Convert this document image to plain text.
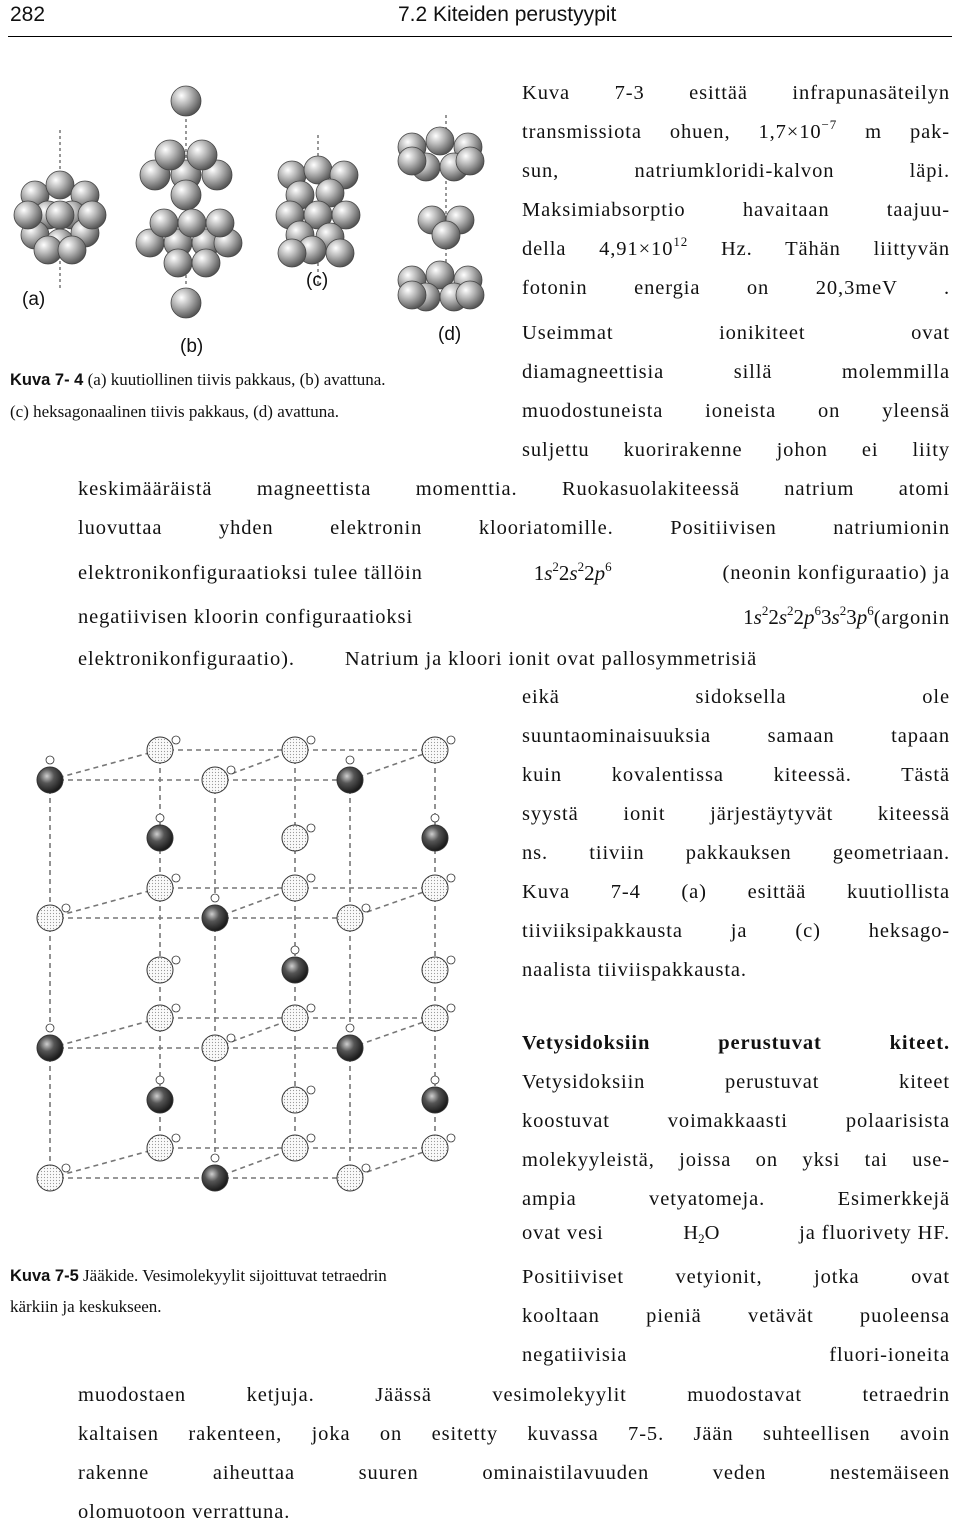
282	7.2 Kiteiden perustyypit
(a)
(b)
(c)
(d)
Kuva 7- 4 (a) kuutiollinen tiivis pakkaus, (b) avattuna.
(c) heksagonaalinen tiivis pakkaus, (d) avattuna.
Kuva 7-3 esittää infrapunasäteilyn
transmissiota ohuen, $1,7\times 10^{-7}$ m pak-
sun, natriumkloridi-kalvon läpi.
Maksimiabsorptio havaitaan taajuu-
della $4,91\times 10^{12}$ Hz. Tähän liittyvän
fotonin energia on 20,3meV .
Useimmat ionikiteet ovat
diamagneettisia sillä molemmilla
muodostuneista ioneista on yleensä
suljettu kuorirakenne johon ei liity
keskimääräistä magneettista momenttia. Ruokasuolakiteessä natrium atomi
luovuttaa yhden elektronin klooriatomille. Positiivisen natriumionin
elektronikonfiguraatioksi tulee tällöin	$1s^22s^22p^6$	(neonin konfiguraatio) ja
negatiivisen kloorin configuraatioksi	$1s^22s^22p^63s^23p^6(argonin$
elektronikonfiguraatio). Natrium ja kloori ionit ovat pallosymmetrisiä
eikä sidoksella ole
suuntaominaisuuksia samaan tapaan
kuin kovalentissa kiteessä. Tästä
syystä ionit järjestäytyvät kiteessä
ns. tiiviin pakkauksen geometriaan.
Kuva 7-4 (a) esittää kuutiollista
tiiviiksipakkausta ja (c) heksago-
naalista tiiviispakkausta.
Kuva 7-5 Jääkide. Vesimolekyylit sijoittuvat tetraedrin
kärkiin ja keskukseen.
Vetysidoksiin perustuvat kiteet.
Vetysidoksiin perustuvat kiteet
koostuvat voimakkaasti polaarisista
molekyyleistä, joissa on yksi tai use-
ampia vetyatomeja. Esimerkkejä
ovat vesi	$H_2O$	ja fluorivety HF.
Positiiviset vetyionit, jotka ovat
kooltaan pieniä vetävät puoleensa
negatiivisia fluori-ioneita
muodostaen ketjuja. Jäässä vesimolekyylit muodostavat tetraedrin
kaltaisen rakenteen, joka on esitetty kuvassa 7-5. Jään suhteellisen avoin
rakenne aiheuttaa suuren ominaistilavuuden veden nestemäiseen
olomuotoon verrattuna.
